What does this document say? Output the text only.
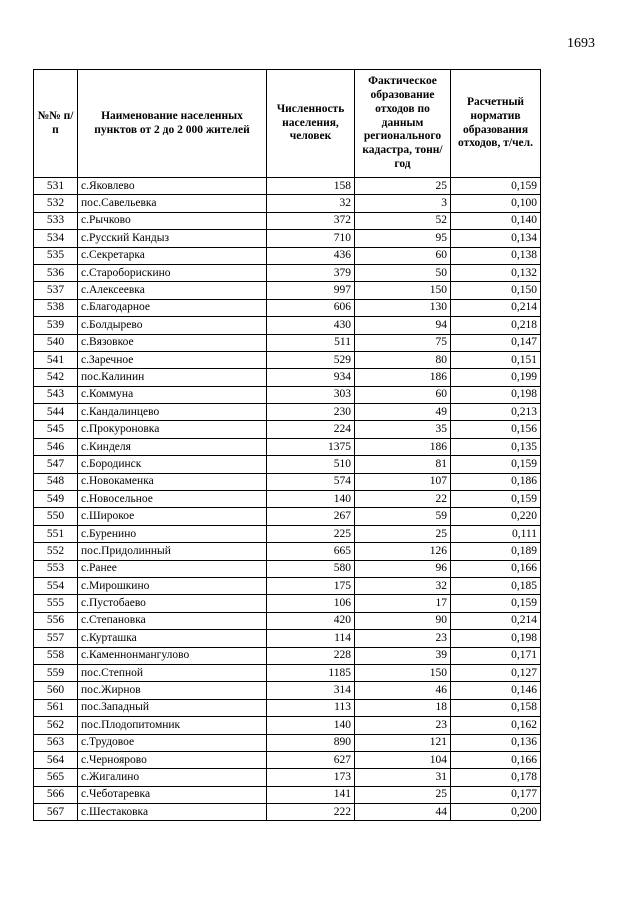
1693
№№ п/п	Наименование населенных пунктов от 2 до 2 000 жителей	Численность населения, человек	Фактическое образование отходов по данным регионального кадастра, тонн/год	Расчетный норматив образования отходов, т/чел.
531	с.Яковлево	158	25	0,159
532	пос.Савельевка	32	3	0,100
533	с.Рычково	372	52	0,140
534	с.Русский Кандыз	710	95	0,134
535	с.Секретарка	436	60	0,138
536	с.Староборискино	379	50	0,132
537	с.Алексеевка	997	150	0,150
538	с.Благодарное	606	130	0,214
539	с.Болдырево	430	94	0,218
540	с.Вязовкое	511	75	0,147
541	с.Заречное	529	80	0,151
542	пос.Калинин	934	186	0,199
543	с.Коммуна	303	60	0,198
544	с.Кандалинцево	230	49	0,213
545	с.Прокуроновка	224	35	0,156
546	с.Кинделя	1375	186	0,135
547	с.Бородинск	510	81	0,159
548	с.Новокаменка	574	107	0,186
549	с.Новосельное	140	22	0,159
550	с.Широкое	267	59	0,220
551	с.Буренино	225	25	0,111
552	пос.Придолинный	665	126	0,189
553	с.Ранее	580	96	0,166
554	с.Мирошкино	175	32	0,185
555	с.Пустобаево	106	17	0,159
556	с.Степановка	420	90	0,214
557	с.Курташка	114	23	0,198
558	с.Каменнонмангулово	228	39	0,171
559	пос.Степной	1185	150	0,127
560	пос.Жирнов	314	46	0,146
561	пос.Западный	113	18	0,158
562	пос.Плодопитомник	140	23	0,162
563	с.Трудовое	890	121	0,136
564	с.Черноярово	627	104	0,166
565	с.Жигалино	173	31	0,178
566	с.Чеботаревка	141	25	0,177
567	с.Шестаковка	222	44	0,200
